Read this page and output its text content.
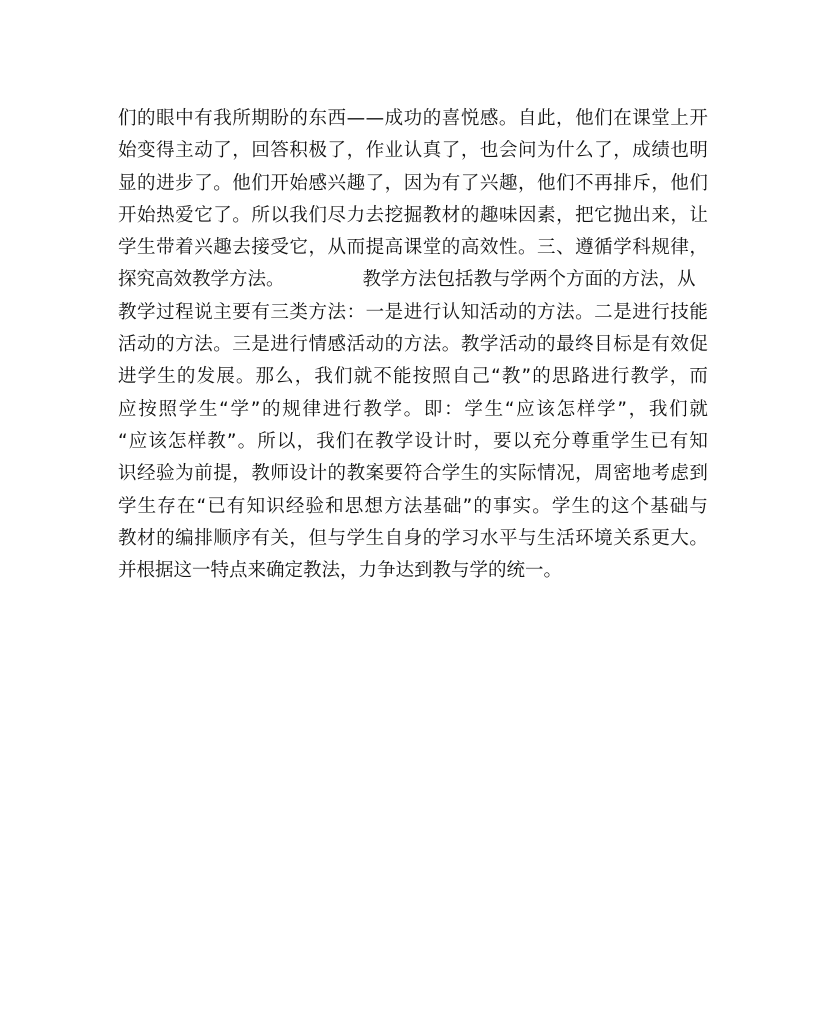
们 的 眼 中 有 我 所 期 盼 的 东 西 — — 成 功 的 喜 悦 感 。 自 此 ， 他 们 在 课 堂 上 开
始 变 得 主 动 了 ， 回 答 积 极 了 ， 作 业 认 真 了 ， 也 会 问 为 什 么 了 ， 成 绩 也 明
显 的 进 步 了 。 他 们 开 始 感 兴 趣 了 ， 因 为 有 了 兴 趣 ， 他 们 不 再 排 斥 ， 他 们
开 始 热 爱 它 了 。 所 以 我 们 尽 力 去 挖 掘 教 材 的 趣 味 因 素 ， 把 它 抛 出 来 ， 让
学 生 带 着 兴 趣 去 接 受 它 ， 从 而 提 高 课 堂 的 高 效 性 。 三 、 遵 循 学 科 规 律 ，
探究高效教学方法。	教学方法包括教与学两个方面的方法，从
教 学 过 程 说 主 要 有 三 类 方 法 ： 一 是 进 行 认 知 活 动 的 方 法 。 二 是 进 行 技 能
活 动 的 方 法 。 三 是 进 行 情 感 活 动 的 方 法 。 教 学 活 动 的 最 终 目 标 是 有 效 促
进 学 生 的 发 展 。 那 么 ， 我 们 就 不 能 按 照 自 己 “ 教 ” 的 思 路 进 行 教 学 ， 而
应 按 照 学 生 “ 学 ” 的 规 律 进 行 教 学 。 即 ： 学 生 “ 应 该 怎 样 学 ” ， 我 们 就
“ 应 该 怎 样 教 ” 。 所 以 ， 我 们 在 教 学 设 计 时 ， 要 以 充 分 尊 重 学 生 已 有 知
识 经 验 为 前 提 ， 教 师 设 计 的 教 案 要 符 合 学 生 的 实 际 情 况 ， 周 密 地 考 虑 到
学 生 存 在 “ 已 有 知 识 经 验 和 思 想 方 法 基 础 ” 的 事 实 。 学 生 的 这 个 基 础 与
教 材 的 编 排 顺 序 有 关 ， 但 与 学 生 自 身 的 学 习 水 平 与 生 活 环 境 关 系 更 大 。
并根据这一特点来确定教法，力争达到教与学的统一。
